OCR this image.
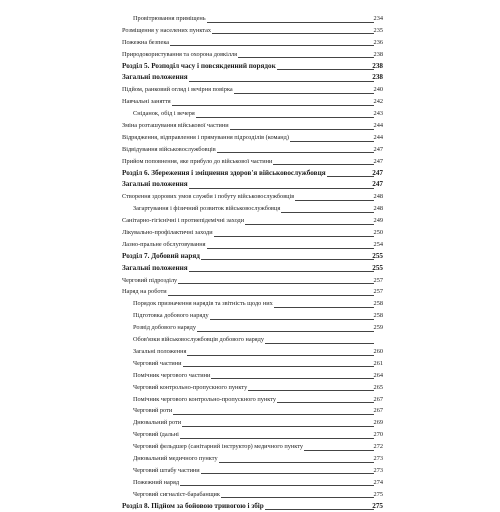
Провітрювання приміщень	234
Розміщення у населених пунктах	235
Пожежна безпека	236
Природокористування та охорона довкілля	238
Розділ 5. Розподіл часу і повсякденний порядок	238
Загальні положення	238
Підйом, ранковий огляд і вечірня повірка	240
Навчальні заняття	242
Сніданок, обід і вечеря	243
Зміна розташування військової частини	244
Відрядження, відправлення і прямування підрозділів (команд)	244
Відвідування військовослужбовців	247
Прийом поповнення, яке прибуло до військової частини	247
Розділ 6. Збереження і зміцнення здоров'я військовослужбовця	247
Загальні положення	247
Створення здорових умов служби і побуту військовослужбовців	248
Загартування і фізичний розвиток військовослужбовця	248
Санітарно-гігієнічні і протиепідемічні заходи	249
Лікувально-профілактичні заходи	250
Лазно-пральне обслуговування	254
Розділ 7. Добовий наряд	255
Загальні положення	255
Черговий підрозділу	257
Наряд на роботи	257
Порядок призначення нарядів та звітність щодо них	258
Підготовка добового наряду	258
Розвід добового наряду	259
Обов'язки військовослужбовців добового наряду
Загальні положення	260
Черговий частини	261
Помічник чергового частини	264
Черговий контрольно-пропускного пункту	265
Помічник чергового контрольно-пропускного пункту	267
Черговий роти	267
Днювальний роти	269
Черговий їдальні	270
Черговий фельдшер (санітарний інструктор) медичного пункту	272
Днювальний медичного пункту	273
Черговий штабу частини	273
Пожежний наряд	274
Черговий сигналіст-барабанщик	275
Розділ 8. Підйом за бойовою тривогою і збір	275
